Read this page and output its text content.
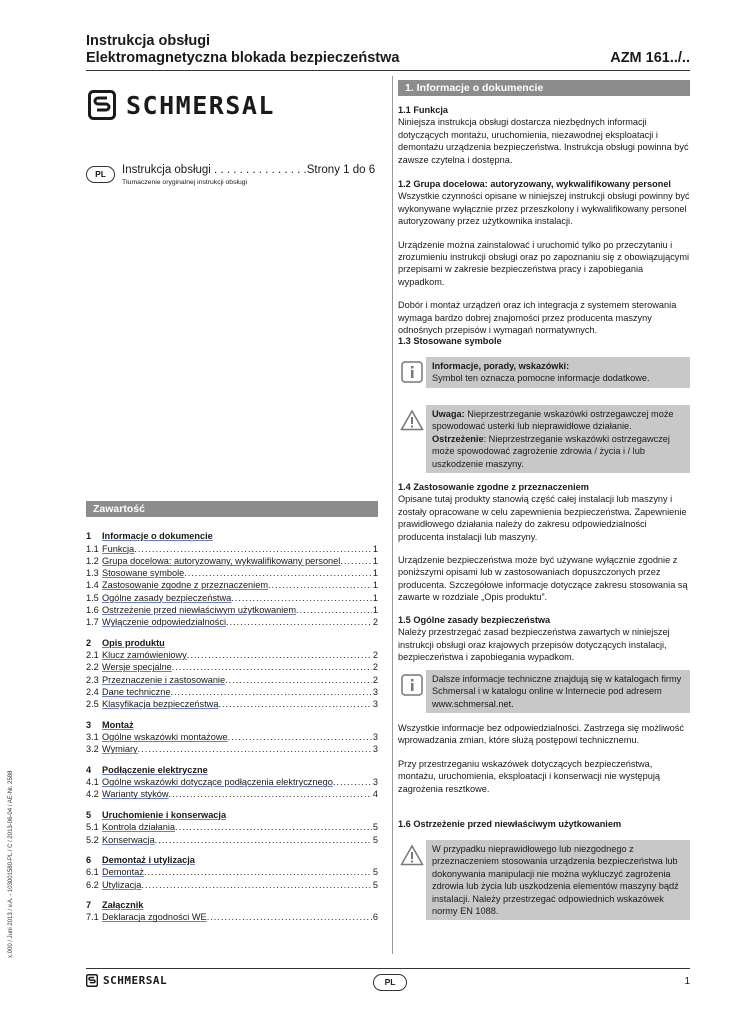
Instrukcja obsługi
Elektromagnetyczna blokada bezpieczeństwa	AZM 161../..
SCHMERSAL
PL	Instrukcja obsługi . . . . . . . . . . . . . . .Strony 1 do 6
Tłumaczenie oryginalnej instrukcji obsługi
Zawartość
1	Informacje o dokumencie
1.1 Funkcja .....	1
1.2 Grupa docelowa: autoryzowany, wykwalifikowany personel .....	1
1.3 Stosowane symbole .....	1
1.4 Zastosowanie zgodne z przeznaczeniem .....	1
1.5 Ogólne zasady bezpieczeństwa .....	1
1.6 Ostrzeżenie przed niewłaściwym użytkowaniem .....	1
1.7 Wyłączenie odpowiedzialności .....	2
2	Opis produktu
2.1 Klucz zamówieniowy .....	2
2.2 Wersje specjalne .....	2
2.3 Przeznaczenie i zastosowanie .....	2
2.4 Dane techniczne .....	3
2.5 Klasyfikacja bezpieczeństwa .....	3
3	Montaż
3.1 Ogólne wskazówki montażowe .....	3
3.2 Wymiary .....	3
4	Podłączenie elektryczne
4.1 Ogólne wskazówki dotyczące podłączenia elektrycznego .....	3
4.2 Warianty styków .....	4
5	Uruchomienie i konserwacja
5.1 Kontrola działania .....	5
5.2 Konserwacja .....	5
6	Demontaż i utylizacja
6.1 Demontaż .....	5
6.2 Utylizacja .....	5
7	Załącznik
7.1 Deklaracja zgodności WE .....	6
1. Informacje o dokumencie
1.1 Funkcja

Niniejsza instrukcja obsługi dostarcza niezbędnych informacji dotyczących montażu, uruchomienia, niezawodnej eksploatacji i demontażu urządzenia bezpieczeństwa. Instrukcja obsługi powinna być zawsze czytelna i dostępna.

1.2 Grupa docelowa: autoryzowany, wykwalifikowany personel

Wszystkie czynności opisane w niniejszej instrukcji obsługi powinny być wykonywane wyłącznie przez przeszkolony i wykwalifikowany personel autoryzowany przez użytkownika instalacji.

Urządzenie można zainstalować i uruchomić tylko po przeczytaniu i zrozumieniu instrukcji obsługi oraz po zapoznaniu się z obowiązującymi przepisami w zakresie bezpieczeństwa pracy i zapobiegania wypadkom.

Dobór i montaż urządzeń oraz ich integracja z systemem sterowania wymaga bardzo dobrej znajomości przez producenta maszyny odnośnych przepisów i wymagań normatywnych.

1.3 Stosowane symbole
Informacje, porady, wskazówki:
Symbol ten oznacza pomocne informacje dodatkowe.
Uwaga: Nieprzestrzeganie wskazówki ostrzegawczej może spowodować usterki lub nieprawidłowe działanie.
Ostrzeżenie: Nieprzestrzeganie wskazówki ostrzegawczej może spowodować zagrożenie zdrowia / życia i / lub uszkodzenie maszyny.
1.4 Zastosowanie zgodne z przeznaczeniem

Opisane tutaj produkty stanowią część całej instalacji lub maszyny i zostały opracowane w celu zapewnienia bezpieczeństwa. Zapewnienie prawidłowego działania należy do zakresu odpowiedzialności producenta instalacji lub maszyny.

Urządzenie bezpieczeństwa może być używane wyłącznie zgodnie z poniższymi opisami lub w zastosowaniach dopuszczonych przez producenta. Szczegółowe informacje dotyczące zakresu stosowania są zawarte w rozdziale „Opis produktu”.

1.5 Ogólne zasady bezpieczeństwa

Należy przestrzegać zasad bezpieczeństwa zawartych w niniejszej instrukcji obsługi oraz krajowych przepisów dotyczących instalacji, bezpieczeństwa i zapobiegania wypadkom.

Dalsze informacje techniczne znajdują się w katalogach firmy Schmersal i w katalogu online w Internecie pod adresem www.schmersal.net.

Wszystkie informacje bez odpowiedzialności. Zastrzega się możliwość wprowadzania zmian, które służą postępowi technicznemu.

Przy przestrzeganiu wskazówek dotyczących bezpieczeństwa, montażu, uruchomienia, eksploatacji i konserwacji nie występują zagrożenia resztkowe.

1.6 Ostrzeżenie przed niewłaściwym użytkowaniem
W przypadku nieprawidłowego lub niezgodnego z przeznaczeniem stosowania urządzenia bezpieczeństwa lub dokonywania manipulacji nie można wykluczyć zagrożenia zdrowia lub życia lub uszkodzenia elementów maszyny bądź instalacji. Należy przestrzegać odpowiednich wskazówek normy EN 1088.
x.000 / Juni 2013 / v.A. - 103001580-PL / C / 2013-06-04 / AE-Nr. 2588
SCHMERSAL	PL	1
